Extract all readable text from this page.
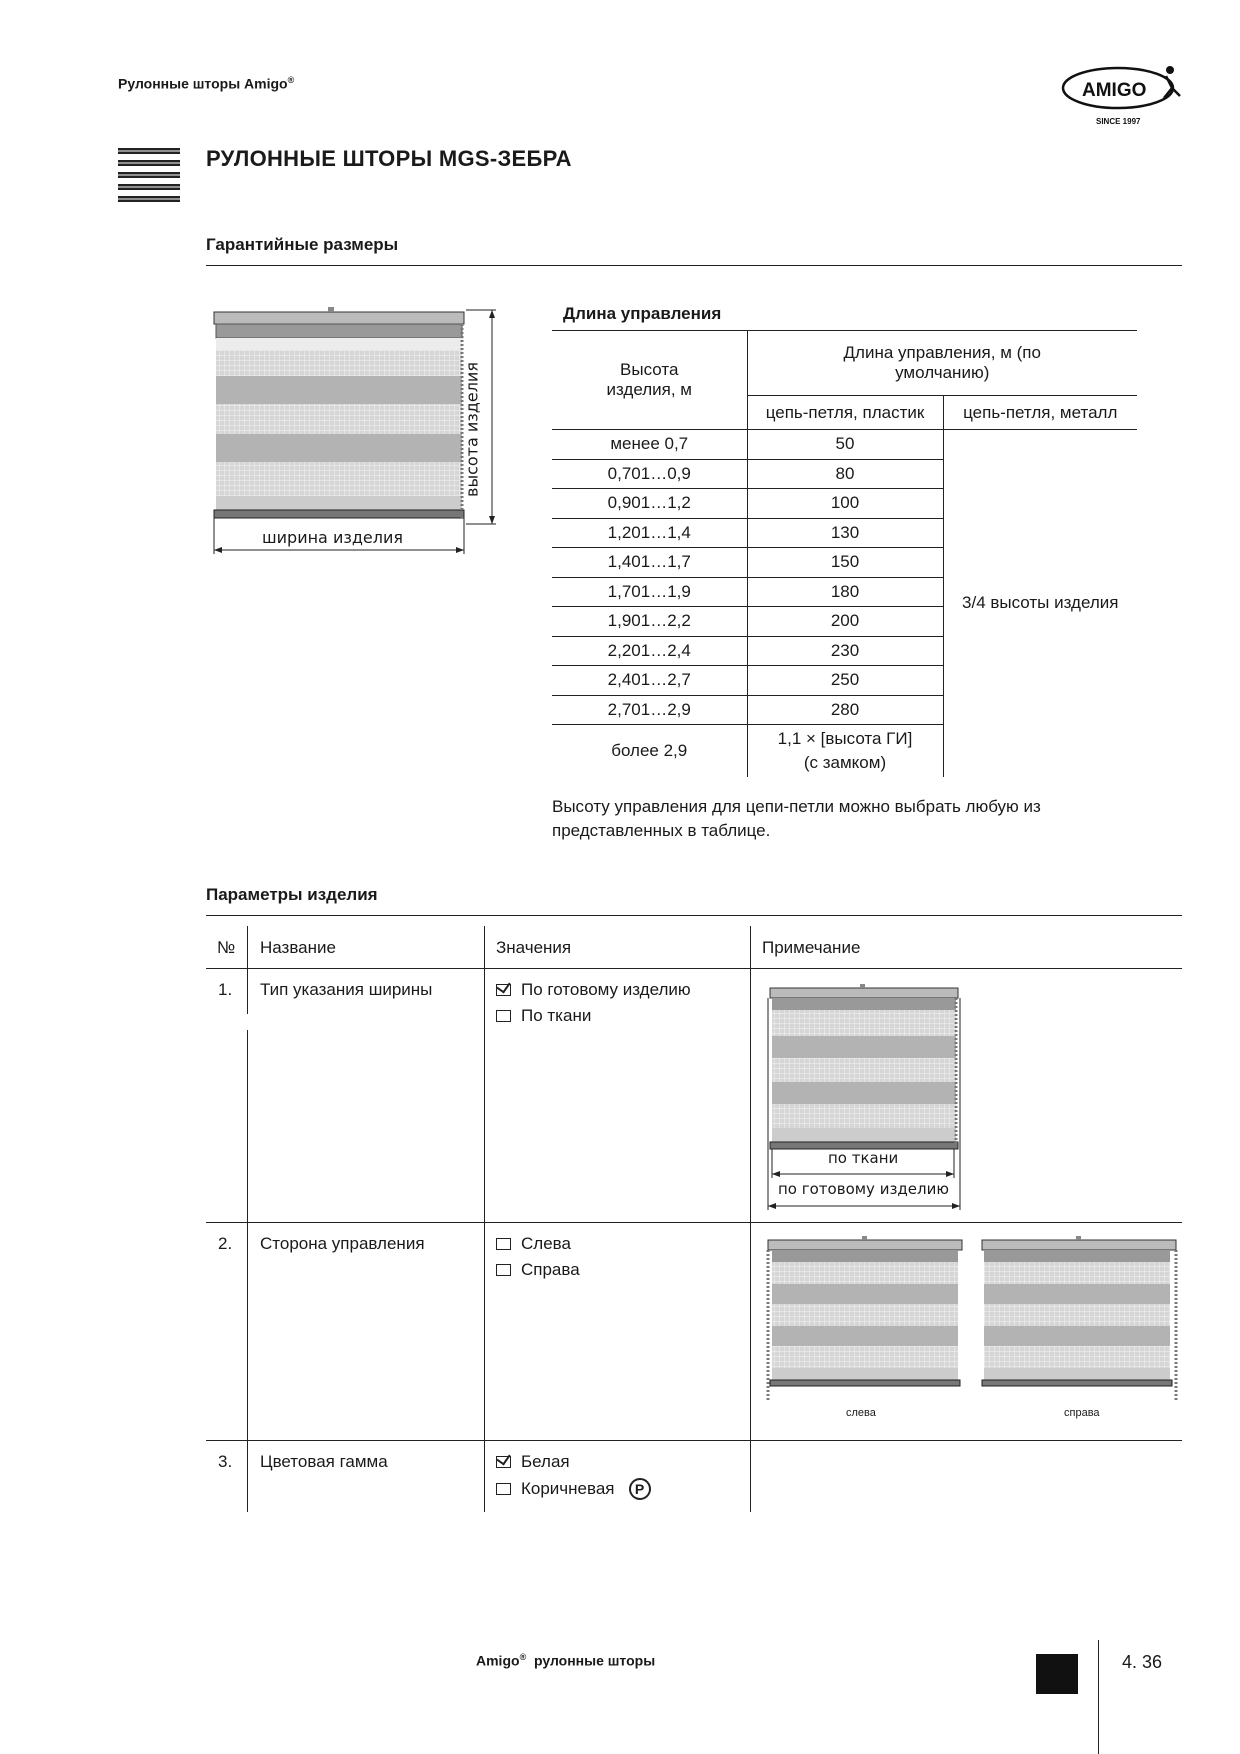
Рулонные шторы Amigo®	AMIGO
SINCE 1997
РУЛОННЫЕ ШТОРЫ MGS-ЗЕБРА
Гарантийные размеры
ширина изделия
высота изделия
Длина управления
Высота изделия, м	Длина управления, м (по умолчанию)	
	цепь-петля, пластик	цепь-петля, металл
менее 0,7	50	3/4 высоты изделия
0,701…0,9	80	
0,901…1,2	100	
1,201…1,4	130	
1,401…1,7	150	
1,701…1,9	180	
1,901…2,2	200	
2,201…2,4	230	
2,401…2,7	250	
2,701…2,9	280	
более 2,9	1,1 × [высота ГИ]
(с замком)	
Высоту управления для цепи-петли можно выбрать любую из представленных в таблице.
Параметры изделия
№ Название	Значения	Примечание
1. Тип указания ширины	По готовому изделию
По ткани
по ткани
по готовому изделию
2. Сторона управления	Слева
Справа
слева	справа
3. Цветовая гамма	Белая
Коричневая P
Amigo® рулонные шторы	4. 36
